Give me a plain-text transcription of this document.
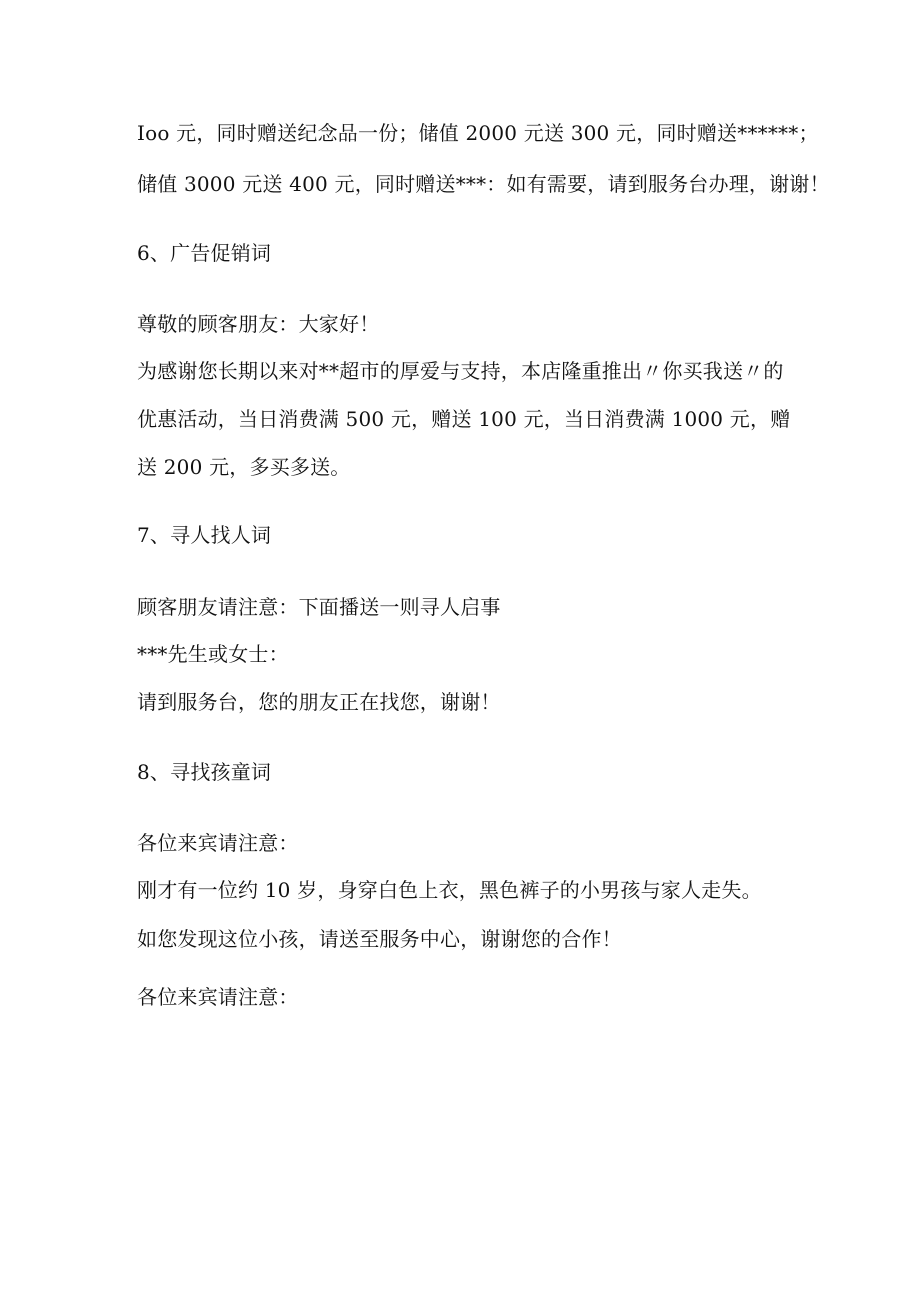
Ioo 元，同时赠送纪念品一份；储值 2000 元送 300 元，同时赠送******；
储值 3000 元送 400 元，同时赠送***：如有需要，请到服务台办理，谢谢！
6、广告促销词
尊敬的顾客朋友：大家好！
为感谢您长期以来对**超市的厚爱与支持，本店隆重推出〃你买我送〃的
优惠活动，当日消费满 500 元，赠送 100 元，当日消费满 1000 元，赠
送 200 元，多买多送。
7、寻人找人词
顾客朋友请注意：下面播送一则寻人启事
***先生或女士：
请到服务台，您的朋友正在找您，谢谢！
8、寻找孩童词
各位来宾请注意：
刚才有一位约 10 岁，身穿白色上衣，黑色裤子的小男孩与家人走失。
如您发现这位小孩，请送至服务中心，谢谢您的合作！
各位来宾请注意：
